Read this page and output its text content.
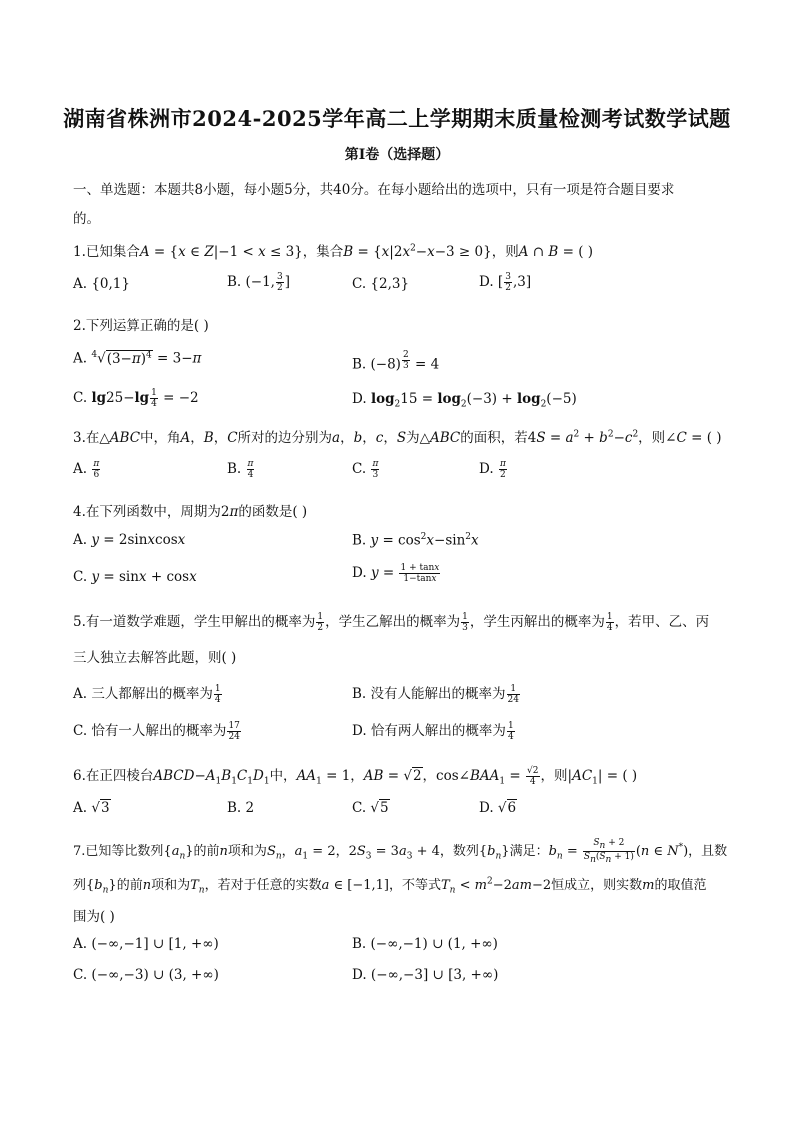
湖南省株洲市2024-2025学年高二上学期期末质量检测考试数学试题
第Ⅰ卷（选择题）
一、单选题：本题共8小题，每小题5分，共40分。在每小题给出的选项中，只有一项是符合题目要求
的。
1.已知集合A = {x ∈ Z|−1 < x ≤ 3}，集合$B = \{x|2x^2-x-3 \ge 0\}$，则A ∩ B = ( )
A. {0,1}	B. (−1, $\frac{3}{2}$ ]	C. {2,3}	D. [ $\frac{3}{2} ,3$]
2.下列运算正确的是( )
A. $^4√(3-\pi)^4 = 3-\pi$	B. (−8) $^{\frac{2}{3}}$ = 4
C. $\lg 25-\lg \frac{1}{4} = -2$	D. $\log_215 = \log_2(-3) + \log_2(-5)$
3.在△ABC中，角A，B，C所对的边分别为a，b，c，S为△ABC的面积，若$4S = a^2 + b^2-c^2$，则∠C = ( )
A. $\frac{\pi}{6}$	B. $\frac{\pi}{4}$	C. $\frac{\pi}{3}$	D. $\frac{\pi}{2}$
4.在下列函数中，周期为2π的函数是( )
A. y = 2sinxcosx	B. $y = \cos^2x-\sin^2x$
C. y = sinx + cosx	D. $y = \frac{1 + \tan x}{1-\tan x}$
5.有一道数学难题，学生甲解出的概率为 $\frac{1}{2}$ ，学生乙解出的概率为 $\frac{1}{3}$ ，学生丙解出的概率为 $\frac{1}{4}$ ，若甲、乙、丙
三人独立去解答此题，则( )
A. 三人都解出的概率为 $\frac{1}{4}$	B. 没有人能解出的概率为 $\frac{1}{24}$
C. 恰有一人解出的概率为 $\frac{17}{24}$	D. 恰有两人解出的概率为 $\frac{1}{4}$
6.在正四棱台$ABCD-A_1B_1C_1D_1$中，$AA_1 = 1$，AB = √2，$\cos\angle BAA_1 = \frac{√2}{4}$ ，则$|AC_1|$ = ( )
A. √3	B. 2	C. √5	D. √6
7.已知等比数列$\{a_n\}$的前n项和为$S_n$，$a_1 = 2$，$2S_3 = 3a_3 + 4$，数列$\{b_n\}$满足：$b_n = \frac{S_n + 2}{S_n(S_n + 1)} (n$ ∈ N*)，且数
列$\{b_n\}$的前n项和为$T_n$，若对于任意的实数a ∈ [−1,1]，不等式$T_n < m^2-2am-2$恒成立，则实数m的取值范
围为( )
A. (−∞,−1] ∪ [1, +∞)	B. (−∞,−1) ∪ (1, +∞)
C. (−∞,−3) ∪ (3, +∞)	D. (−∞,−3] ∪ [3, +∞)
